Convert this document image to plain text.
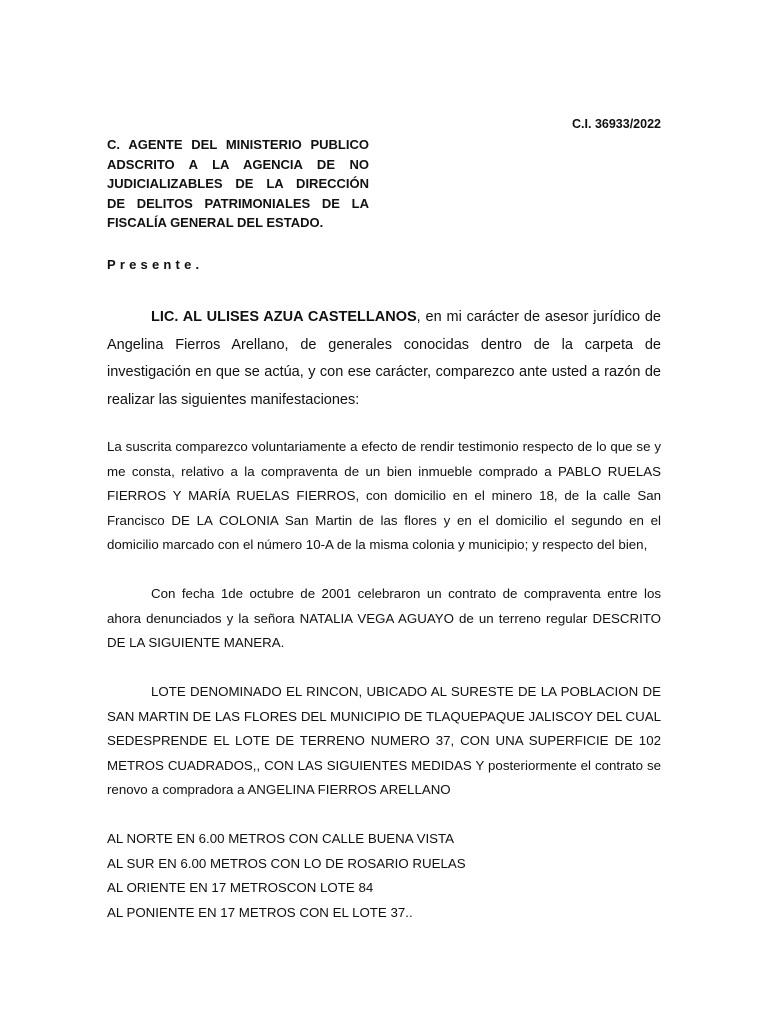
C.I. 36933/2022
C. AGENTE DEL MINISTERIO PUBLICO
ADSCRITO A LA AGENCIA DE NO
JUDICIALIZABLES DE LA DIRECCIÓN
DE DELITOS PATRIMONIALES DE LA
FISCALÍA GENERAL DEL ESTADO.
Presente.

LIC. AL ULISES AZUA CASTELLANOS, en mi carácter de asesor jurídico de Angelina Fierros Arellano, de generales conocidas dentro de la carpeta de investigación en que se actúa, y con ese carácter, comparezco ante usted a razón de realizar las siguientes manifestaciones:

La suscrita comparezco voluntariamente a efecto de rendir testimonio respecto de lo que se y me consta, relativo a la compraventa de un bien inmueble comprado a PABLO RUELAS FIERROS Y MARÍA RUELAS FIERROS, con domicilio en el minero 18, de la calle San Francisco DE LA COLONIA San Martin de las flores y en el domicilio el segundo en el domicilio marcado con el número 10-A de la misma colonia y municipio; y respecto del bien,

Con fecha 1de octubre de 2001 celebraron un contrato de compraventa entre los ahora denunciados y la señora NATALIA VEGA AGUAYO de un terreno regular DESCRITO DE LA SIGUIENTE MANERA.

LOTE DENOMINADO EL RINCON, UBICADO AL SURESTE DE LA POBLACION DE SAN MARTIN DE LAS FLORES DEL MUNICIPIO DE TLAQUEPAQUE JALISCOY DEL CUAL SEDESPRENDE EL LOTE DE TERRENO NUMERO 37, CON UNA SUPERFICIE DE 102 METROS CUADRADOS,, CON LAS SIGUIENTES MEDIDAS Y posteriormente el contrato se renovo a compradora a ANGELINA FIERROS ARELLANO

AL NORTE EN 6.00 METROS CON CALLE BUENA VISTA
AL SUR EN 6.00 METROS CON LO DE ROSARIO RUELAS
AL ORIENTE EN 17 METROSCON LOTE 84
AL PONIENTE EN 17 METROS CON EL LOTE 37..
